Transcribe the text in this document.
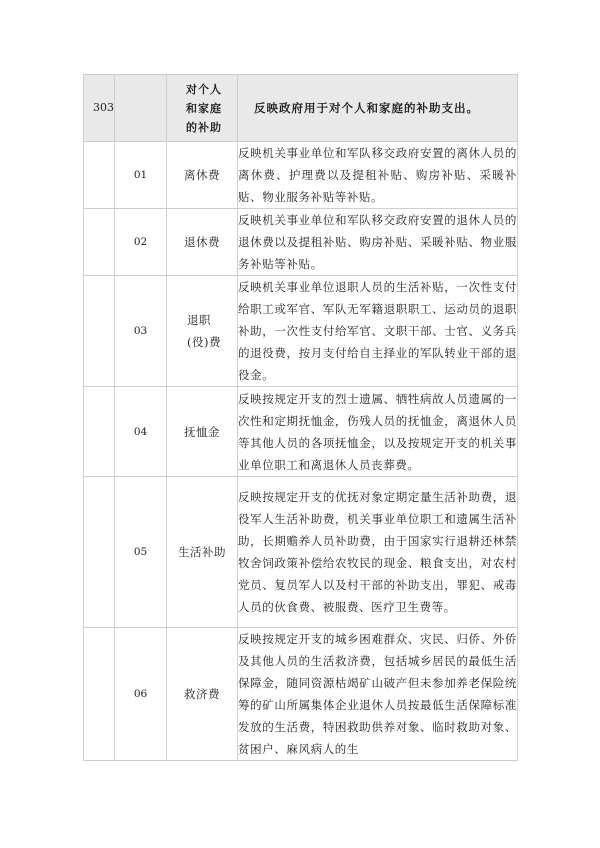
303		对个人和家庭的补助	反映政府用于对个人和家庭的补助支出。
	01	离休费	反映机关事业单位和军队移交政府安置的离休人员的离休费、护理费以及提租补贴、购房补贴、采暖补贴、物业服务补贴等补贴。
	02	退休费	反映机关事业单位和军队移交政府安置的退休人员的退休费以及提租补贴、购房补贴、采暖补贴、物业服务补贴等补贴。
	03	退职(役)费	反映机关事业单位退职人员的生活补贴，一次性支付给职工或军官、军队无军籍退职职工、运动员的退职补助，一次性支付给军官、文职干部、士官、义务兵的退役费，按月支付给自主择业的军队转业干部的退役金。
	04	抚恤金	反映按规定开支的烈士遗属、牺牲病故人员遗属的一次性和定期抚恤金，伤残人员的抚恤金，离退休人员等其他人员的各项抚恤金，以及按规定开支的机关事业单位职工和离退休人员丧葬费。
	05	生活补助	反映按规定开支的优抚对象定期定量生活补助费，退役军人生活补助费，机关事业单位职工和遗属生活补助，长期赡养人员补助费，由于国家实行退耕还林禁牧舍饲政策补偿给农牧民的现金、粮食支出，对农村党员、复员军人以及村干部的补助支出，罪犯、戒毒人员的伙食费、被服费、医疗卫生费等。
	06	救济费	反映按规定开支的城乡困难群众、灾民、归侨、外侨及其他人员的生活救济费，包括城乡居民的最低生活保障金，随同资源枯竭矿山破产但未参加养老保险统筹的矿山所属集体企业退休人员按最低生活保障标准发放的生活费，特困救助供养对象、临时救助对象、贫困户、麻风病人的生
